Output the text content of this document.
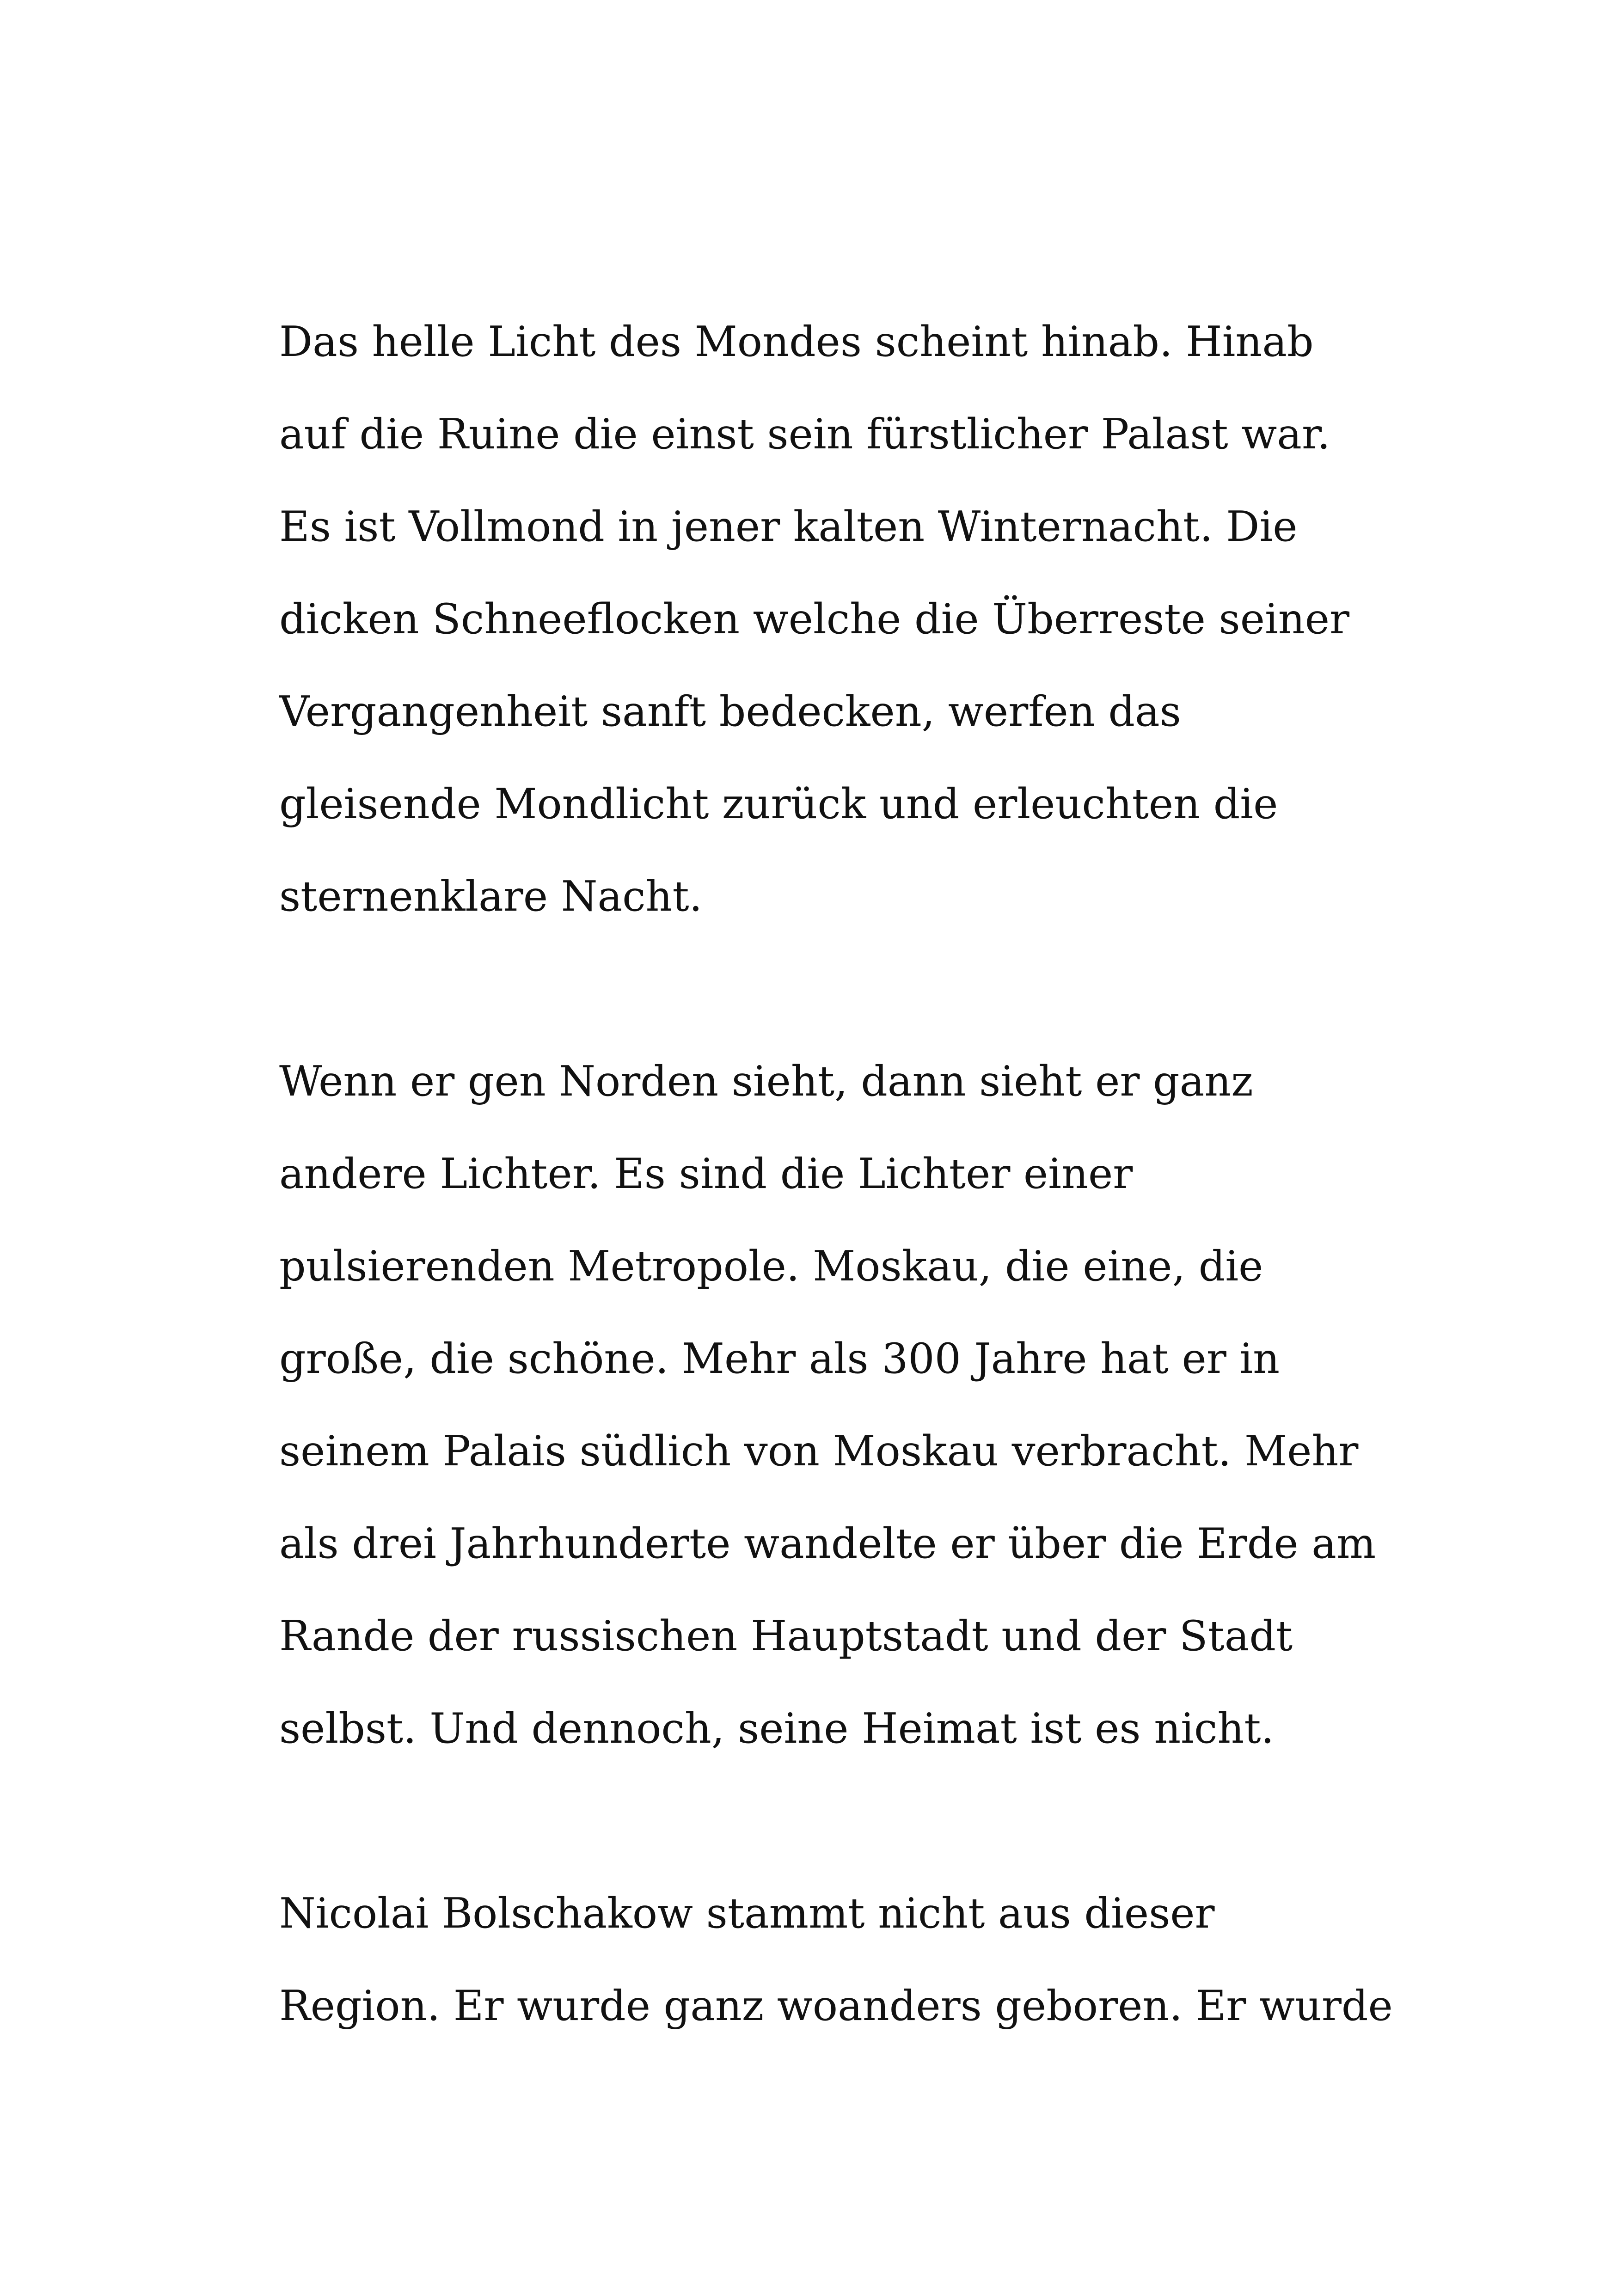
Das helle Licht des Mondes scheint hinab. Hinab
auf die Ruine die einst sein fürstlicher Palast war.
Es ist Vollmond in jener kalten Winternacht. Die
dicken Schneeflocken welche die Überreste seiner
Vergangenheit sanft bedecken, werfen das
gleisende Mondlicht zurück und erleuchten die
sternenklare Nacht.
Wenn er gen Norden sieht, dann sieht er ganz
andere Lichter. Es sind die Lichter einer
pulsierenden Metropole. Moskau, die eine, die
große, die schöne. Mehr als 300 Jahre hat er in
seinem Palais südlich von Moskau verbracht. Mehr
als drei Jahrhunderte wandelte er über die Erde am
Rande der russischen Hauptstadt und der Stadt
selbst. Und dennoch, seine Heimat ist es nicht.
Nicolai Bolschakow stammt nicht aus dieser
Region. Er wurde ganz woanders geboren. Er wurde
